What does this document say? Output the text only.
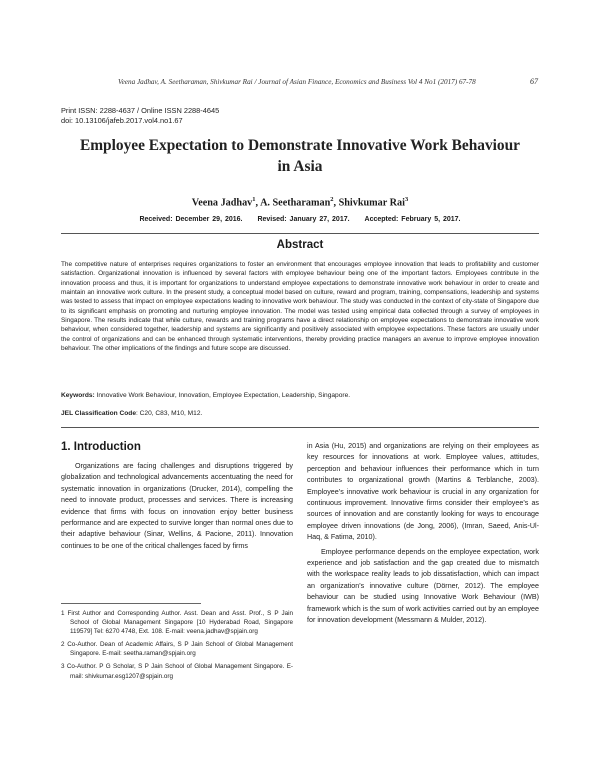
Veena Jadhav, A. Seetharaman, Shivkumar Rai / Journal of Asian Finance, Economics and Business Vol 4 No1 (2017) 67-78	67
Print ISSN: 2288-4637 / Online ISSN 2288-4645
doi: 10.13106/jafeb.2017.vol4.no1.67
Employee Expectation to Demonstrate Innovative Work Behaviour
in Asia
Veena Jadhav$^1$, A. Seetharaman$^2$, Shivkumar Rai$^3$
Received: December 29, 2016. Revised: January 27, 2017. Accepted: February 5, 2017.
Abstract
The competitive nature of enterprises requires organizations to foster an environment that encourages employee innovation that leads to profitability and customer satisfaction. Organizational innovation is influenced by several factors with employee behaviour being one of the important factors. Employees contribute in the innovation process and thus, it is important for organizations to understand employee expectations to demonstrate innovative work behaviour in order to create and maintain an innovative work culture. In the present study, a conceptual model based on culture, reward and program, training, compensations, leadership and systems was tested to assess that impact on employee expectations leading to innovative work behaviour. The study was conducted in the context of city-state of Singapore due to its significant emphasis on promoting and nurturing employee innovation. The model was tested using empirical data collected through a survey of employees in Singapore. The results indicate that while culture, rewards and training programs have a direct relationship on employee expectations to demonstrate innovative work behaviour, when considered together, leadership and systems are significantly and positively associated with employee expectations. These factors are usually under the control of organizations and can be enhanced through systematic interventions, thereby providing practice managers an avenue to improve employee innovation behaviour. The other implications of the findings and future scope are discussed.
Keywords: Innovative Work Behaviour, Innovation, Employee Expectation, Leadership, Singapore.
JEL Classification Code: C20, C83, M10, M12.
1. Introduction

Organizations are facing challenges and disruptions triggered by globalization and technological advancements accentuating the need for systematic innovation in organizations (Drucker, 2014), compelling the need to innovate product, processes and services. There is increasing evidence that firms with focus on innovation enjoy better business performance and are expected to survive longer than normal ones due to their adaptive behaviour (Sinar, Wellins, & Pacione, 2011). Innovation continues to be one of the critical challenges faced by firms

1 First Author and Corresponding Author. Asst. Dean and Asst. Prof., S P Jain School of Global Management Singapore [10 Hyderabad Road, Singapore 119579] Tel: 6270 4748, Ext. 108. E-mail: veena.jadhav@spjain.org
2 Co-Author. Dean of Academic Affairs, S P Jain School of Global Management Singapore. E-mail: seetha.raman@spjain.org
3 Co-Author. P G Scholar, S P Jain School of Global Management Singapore. E-mail: shivkumar.esg1207@spjain.org

in Asia (Hu, 2015) and organizations are relying on their employees as key resources for innovations at work. Employee values, attitudes, perception and behaviour influences their performance which in turn contributes to organizational growth (Martins & Terblanche, 2003). Employee’s innovative work behaviour is crucial in any organization for continuous improvement. Innovative firms consider their employee’s as sources of innovation and are constantly looking for ways to encourage employee driven innovations (de Jong, 2006), (Imran, Saeed, Anis-Ul-Haq, & Fatima, 2010).

Employee performance depends on the employee expectation, work experience and job satisfaction and the gap created due to mismatch with the workspace reality leads to job dissatisfaction, which can impact an organization’s innovative culture (Dörner, 2012). The employee behaviour can be studied using Innovative Work Behaviour (IWB) framework which is the sum of work activities carried out by an employee for innovation development (Messmann & Mulder, 2012).
